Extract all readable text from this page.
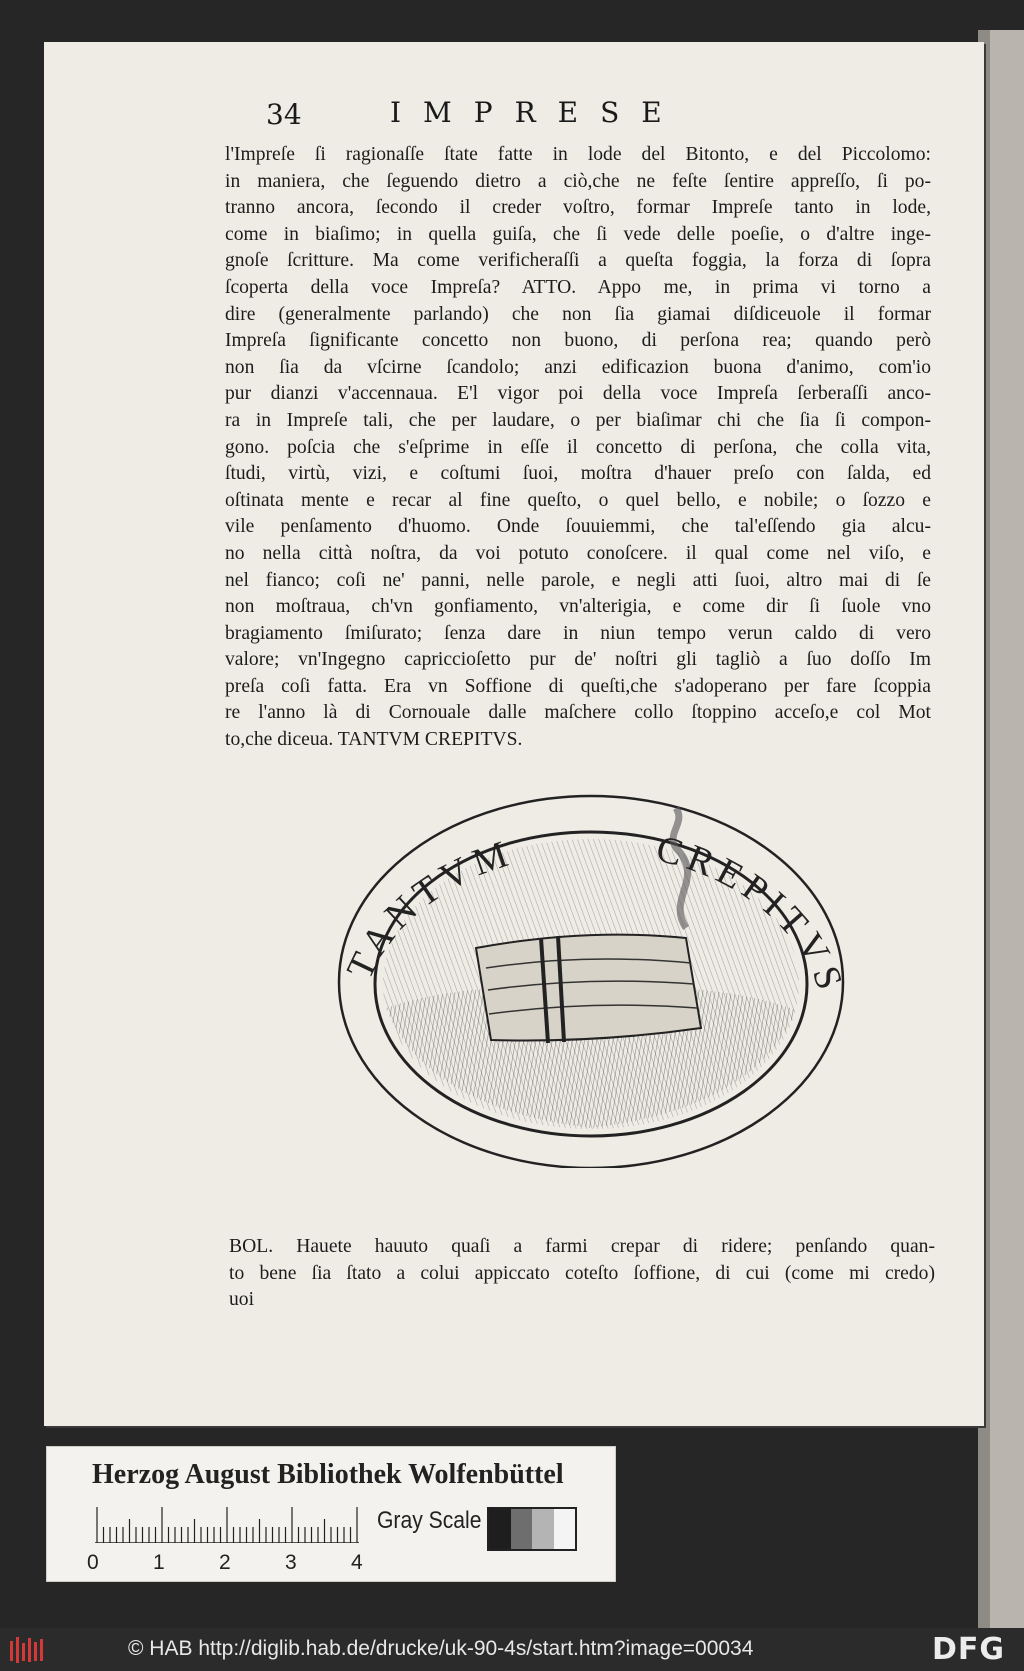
34	IMPRESE
l'Impreſe ſi ragionaſſe ſtate fatte in lode del Bitonto, e del Piccolomo:
in maniera, che ſeguendo dietro a ciò,che ne feſte ſentire appreſſo, ſi po-
tranno ancora, ſecondo il creder voſtro, formar Impreſe tanto in lode,
come in biaſimo; in quella guiſa, che ſi vede delle poeſie, o d'altre inge-
gnoſe ſcritture. Ma come verificheraſſi a queſta foggia, la forza di ſopra
ſcoperta della voce Impreſa? ATTO. Appo me, in prima vi torno a
dire (generalmente parlando) che non ſia giamai diſdiceuole il formar
Impreſa ſignificante concetto non buono, di perſona rea; quando però
non ſia da vſcirne ſcandolo; anzi edificazion buona d'animo, com'io
pur dianzi v'accennaua. E'l vigor poi della voce Impreſa ſerberaſſi anco-
ra in Impreſe tali, che per laudare, o per biaſimar chi che ſia ſi compon-
gono. poſcia che s'eſprime in eſſe il concetto di perſona, che colla vita,
ſtudi, virtù, vizi, e coſtumi ſuoi, moſtra d'hauer preſo con ſalda, ed
oſtinata mente e recar al fine queſto, o quel bello, e nobile; o ſozzo e
vile penſamento d'huomo. Onde ſouuiemmi, che tal'eſſendo gia alcu-
no nella città noſtra, da voi potuto conoſcere. il qual come nel viſo, e
nel fianco; coſi ne' panni, nelle parole, e negli atti ſuoi, altro mai di ſe
non moſtraua, ch'vn gonfiamento, vn'alterigia, e come dir ſi ſuole vno
bragiamento ſmiſurato; ſenza dare in niun tempo verun caldo di vero
valore; vn'Ingegno capriccioſetto pur de' noſtri gli tagliò a ſuo doſſo Im
preſa coſi fatta. Era vn Soffione di queſti,che s'adoperano per fare ſcoppia
re l'anno là di Cornouale dalle maſchere collo ſtoppino acceſo,e col Mot
to,che diceua. TANTVM CREPITVS.
TANTVM	CREPITVS
BOL. Hauete hauuto quaſi a farmi crepar di ridere; penſando quan-
to bene ſia ſtato a colui appiccato coteſto ſoffione, di cui (come mi credo)
uoi
Herzog August Bibliothek Wolfenbüttel
Gray Scale
0	1	2	3	4
© HAB http://diglib.hab.de/drucke/uk-90-4s/start.htm?image=00034	DFG
